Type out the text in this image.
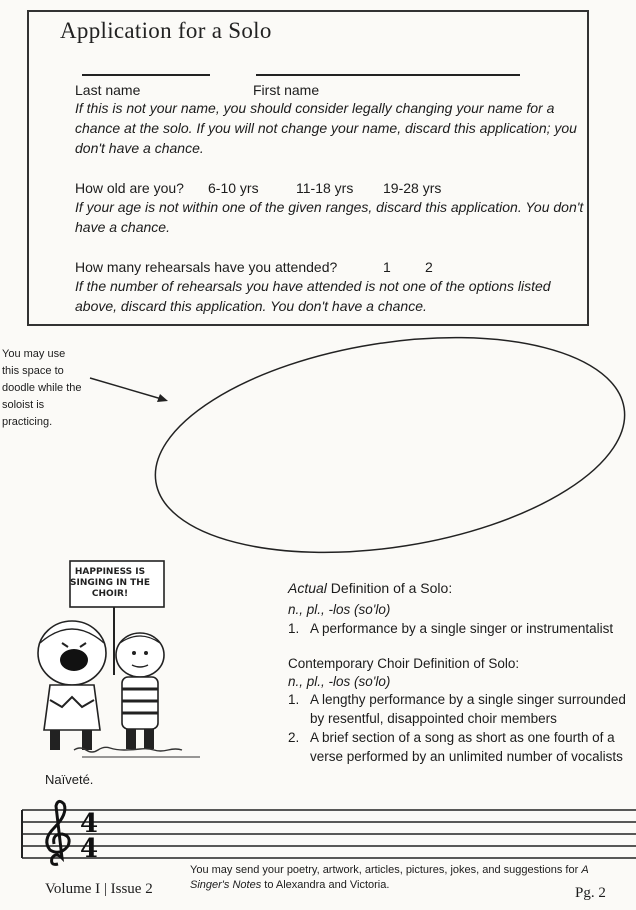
Application for a Solo
Last name	First name
If this is not your name, you should consider legally changing your name for a chance at the solo. If you will not change your name, discard this application; you don't have a chance.
How old are you? 6-10 yrs	11-18 yrs 19-28 yrs
If your age is not within one of the given ranges, discard this application. You don't have a chance.
How many rehearsals have you attended?	1 2
If the number of rehearsals you have attended is not one of the options listed above, discard this application. You don't have a chance.
You may use this space to doodle while the soloist is practicing.
HAPPINESS IS SINGING IN THE CHOIR!
Naïveté.
Actual Definition of a Solo:
n., pl., -los (so'lo)
1. A performance by a single singer or instrumentalist
Contemporary Choir Definition of Solo:
n., pl., -los (so'lo)
1. A lengthy performance by a single singer surrounded by resentful, disappointed choir members
2. A brief section of a song as short as one fourth of a verse performed by an unlimited number of vocalists
4
4
You may send your poetry, artwork, articles, pictures, jokes, and suggestions for A Singer's Notes to Alexandra and Victoria.
Volume I | Issue 2	Pg. 2
